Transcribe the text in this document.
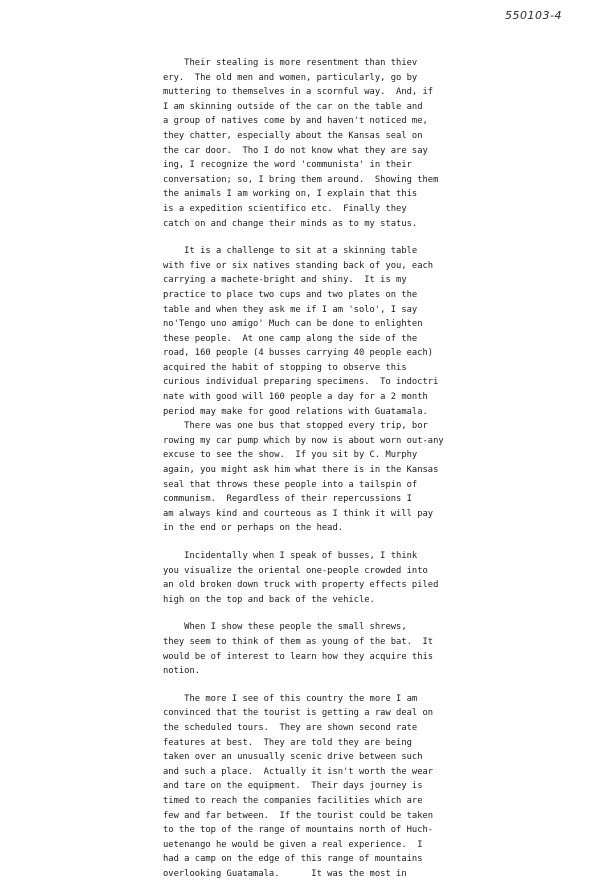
550103-4

Their stealing is more resentment than thiev

ery.  The old men and women, particularly, go by

muttering to themselves in a scornful way.  And, if

I am skinning outside of the car on the table and

a group of natives come by and haven't noticed me,

they chatter, especially about the Kansas seal on

the car door.  Tho I do not know what they are say

ing, I recognize the word 'communista' in their

conversation; so, I bring them around.  Showing them

the animals I am working on, I explain that this

is a expedition scientifico etc.  Finally they

catch on and change their minds as to my status.

It is a challenge to sit at a skinning table

with five or six natives standing back of you, each

carrying a machete-bright and shiny.  It is my

practice to place two cups and two plates on the

table and when they ask me if I am 'solo', I say

no'Tengo uno amigo' Much can be done to enlighten

these people.  At one camp along the side of the

road, 160 people (4 busses carrying 40 people each)

acquired the habit of stopping to observe this

curious individual preparing specimens.  To indoctri

nate with good will 160 people a day for a 2 month

period may make for good relations with Guatamala.

There was one bus that stopped every trip, bor

rowing my car pump which by now is about worn out-any

excuse to see the show.  If you sit by C. Murphy

again, you might ask him what there is in the Kansas

seal that throws these people into a tailspin of

communism.  Regardless of their repercussions I

am always kind and courteous as I think it will pay

in the end or perhaps on the head.

Incidentally when I speak of busses, I think

you visualize the oriental one-people crowded into

an old broken down truck with property effects piled

high on the top and back of the vehicle.

When I show these people the small shrews,

they seem to think of them as young of the bat.  It

would be of interest to learn how they acquire this

notion.

The more I see of this country the more I am

convinced that the tourist is getting a raw deal on

the scheduled tours.  They are shown second rate

features at best.  They are told they are being

taken over an unusually scenic drive between such

and such a place.  Actually it isn't worth the wear

and tare on the equipment.  Their days journey is

timed to reach the companies facilities which are

few and far between.  If the tourist could be taken

to the top of the range of mountains north of Huch-

uetenango he would be given a real experience.  I

had a camp on the edge of this range of mountains

overlooking Guatamala.      It was the most in
